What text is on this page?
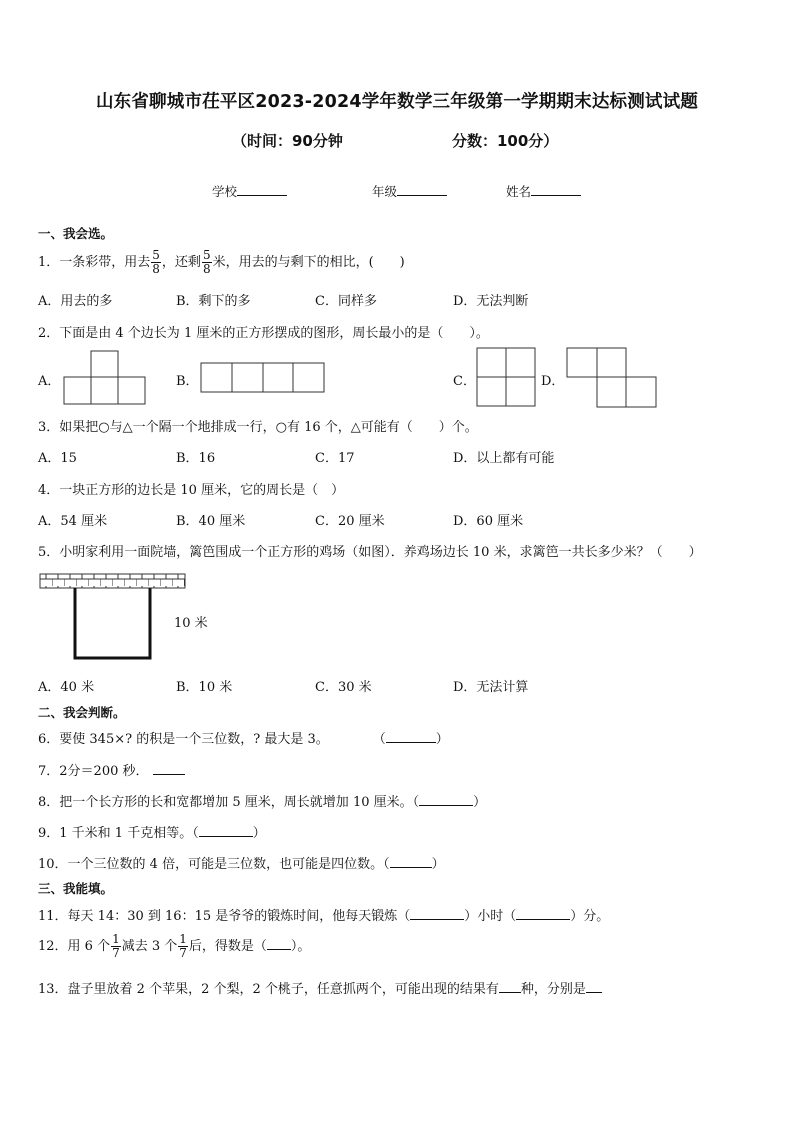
山东省聊城市茌平区2023-2024学年数学三年级第一学期期末达标测试试题
（时间：90分钟	分数：100分）
学校	年级	姓名
一、我会选。
1．一条彩带，用去 $\frac{5}{8}$ ，还剩 $\frac{5}{8}$ 米，用去的与剩下的相比，(　　)
A．用去的多	B．剩下的多	C．同样多	D．无法判断
2．下面是由 4 个边长为 1 厘米的正方形摆成的图形，周长最小的是（　　）。
A．	B．	C．	D．
3．如果把○与△一个隔一个地排成一行，○有 16 个，△可能有（　　）个。
A．15	B．16	C．17	D．以上都有可能
4．一块正方形的边长是 10 厘米，它的周长是（　）
A．54 厘米	B．40 厘米	C．20 厘米	D．60 厘米
5．小明家利用一面院墙，篱笆围成一个正方形的鸡场（如图）．养鸡场边长 10 米，求篱笆一共长多少米？（　　）
10 米
A．40 米	B．10 米	C．30 米	D．无法计算
二、我会判断。
6．要使 345×? 的积是一个三位数，? 最大是 3。	（	）
7．2分＝200 秒．
8．把一个长方形的长和宽都增加 5 厘米，周长就增加 10 厘米。（	）
9．1 千米和 1 千克相等。（	）
10．一个三位数的 4 倍，可能是三位数，也可能是四位数。（	）
三、我能填。
11．每天 14：30 到 16：15 是爷爷的锻炼时间，他每天锻炼（	）小时（	）分。
12．用 6 个 $\frac{1}{7}$ 减去 3 个 $\frac{1}{7}$ 后，得数是（ ）。
13．盘子里放着 2 个苹果，2 个梨，2 个桃子，任意抓两个，可能出现的结果有 种，分别是
